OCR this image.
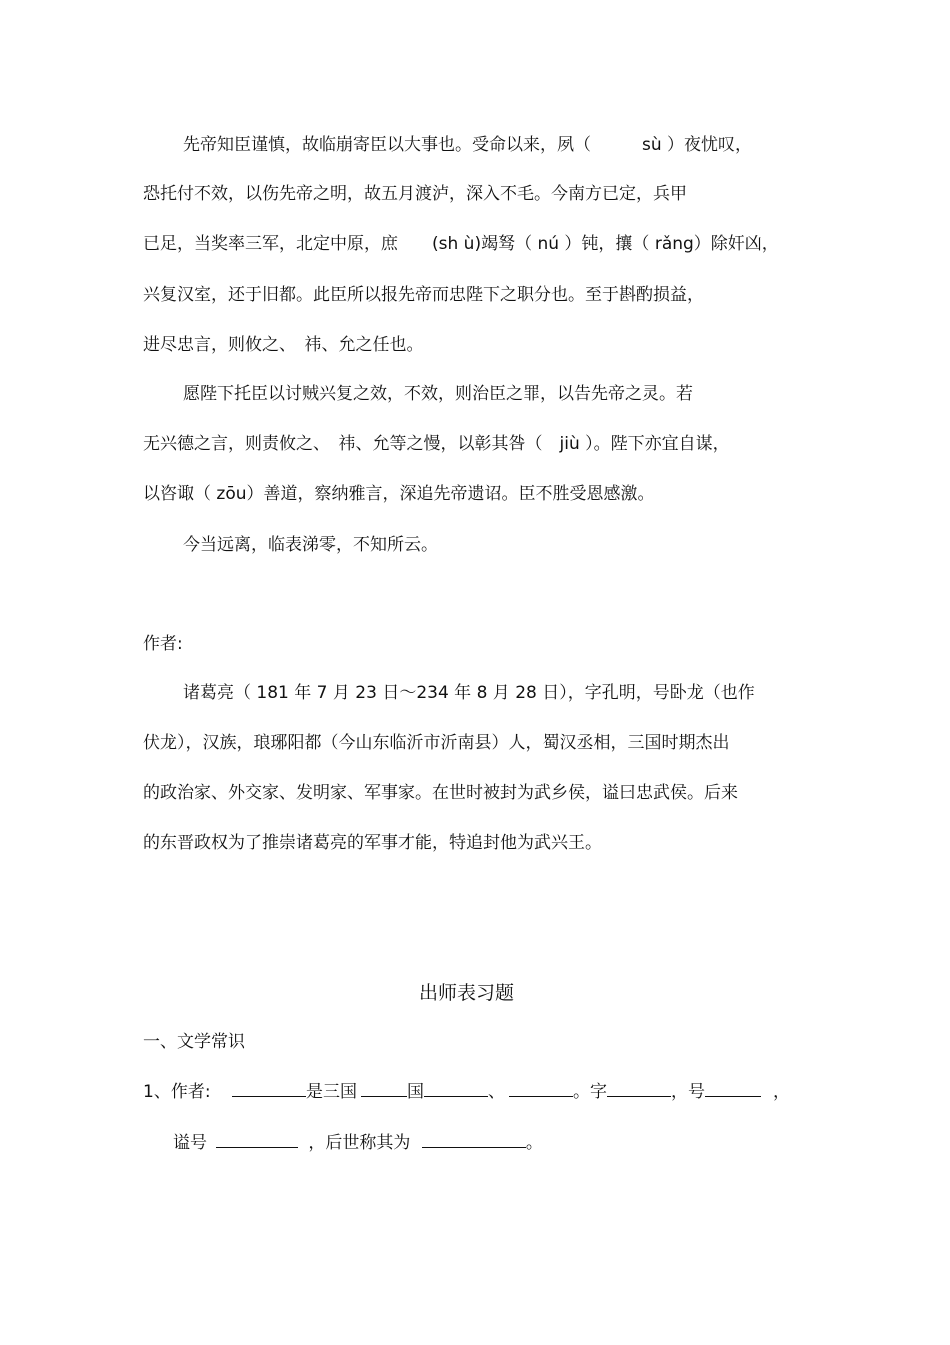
先帝知臣谨慎，故临崩寄臣以大事也。受命以来，夙（　　　sù ）夜忧叹，
恐托付不效，以伤先帝之明，故五月渡泸，深入不毛。今南方已定，兵甲
已足，当奖率三军，北定中原，庶　　(sh ù)竭驽（ nú ）钝，攘（ rǎng）除奸凶，
兴复汉室，还于旧都。此臣所以报先帝而忠陛下之职分也。至于斟酌损益，
进尽忠言，则攸之、　祎、允之任也。
愿陛下托臣以讨贼兴复之效，不效，则治臣之罪，以告先帝之灵。若
无兴德之言，则责攸之、　祎、允等之慢，以彰其咎（　jiù ）。陛下亦宜自谋，
以咨诹（ zōu）善道，察纳雅言，深追先帝遗诏。臣不胜受恩感激。
今当远离，临表涕零，不知所云。
作者:
诸葛亮（ 181 年 7 月 23 日～234 年 8 月 28 日），字孔明，号卧龙（也作
伏龙），汉族，琅琊阳都（今山东临沂市沂南县）人，蜀汉丞相，三国时期杰出
的政治家、外交家、发明家、军事家。在世时被封为武乡侯，谥曰忠武侯。后来
的东晋政权为了推崇诸葛亮的军事才能，特追封他为武兴王。
出师表习题
一、文学常识
1、作者:	是三国	国	、	。字	，号	，
谥号	，后世称其为	。
